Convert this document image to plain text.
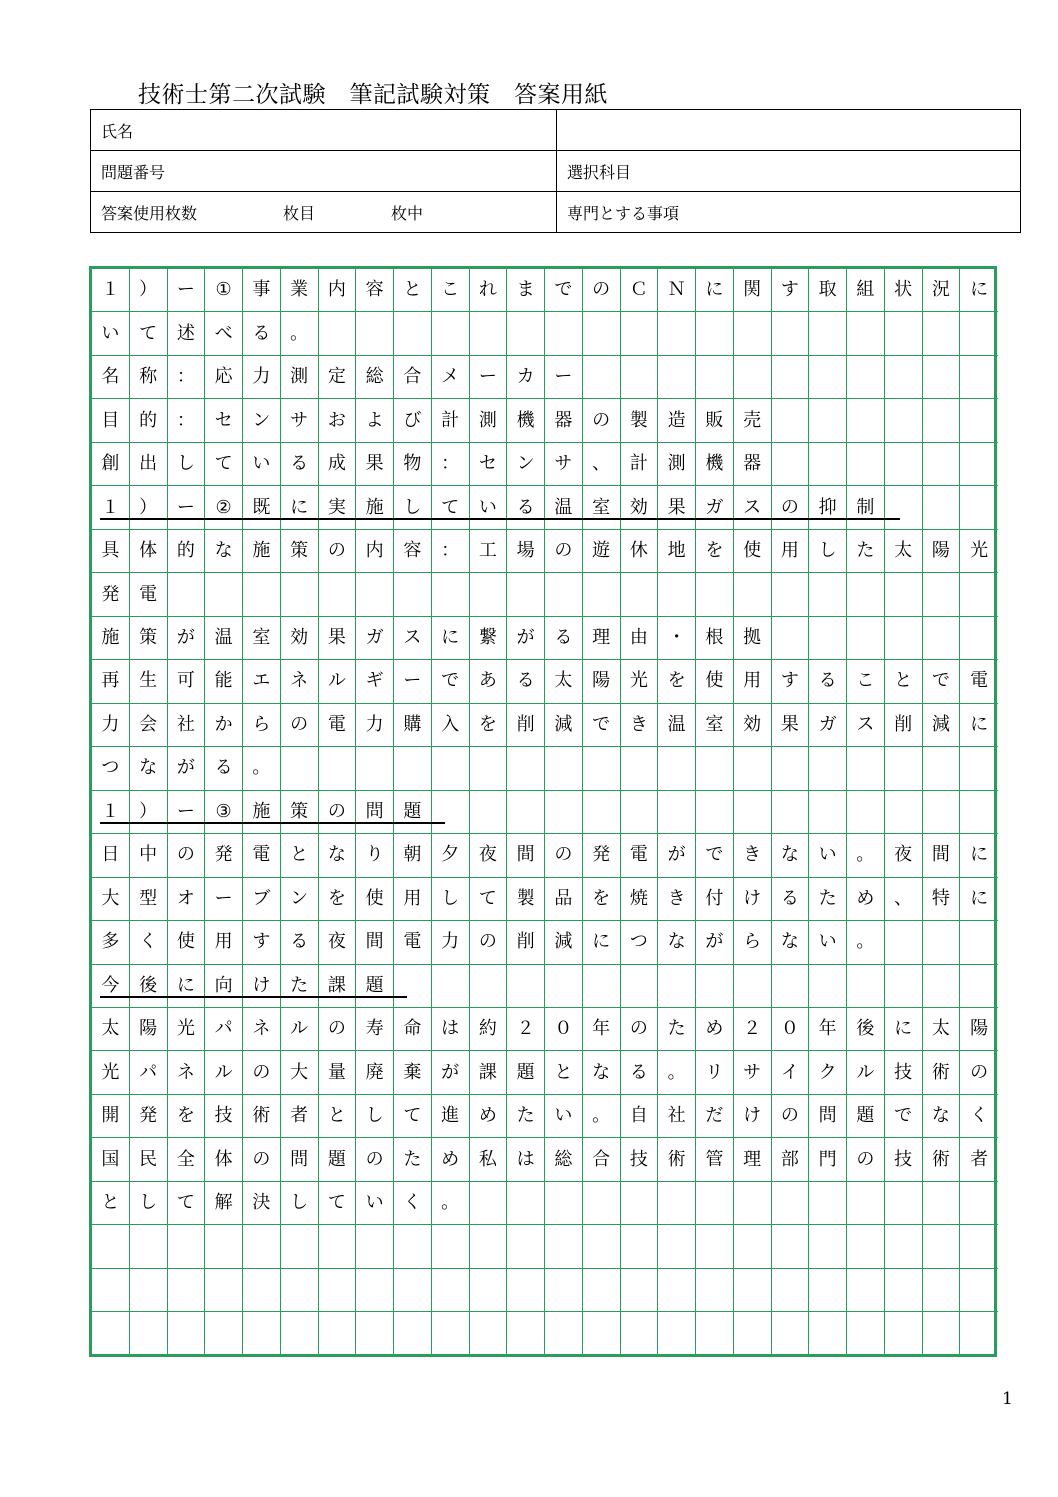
技術士第二次試験　筆記試験対策　答案用紙
氏名	
問題番号	選択科目
答案使用枚数 枚目 枚中	専門とする事項
１	）	ー	①	事	業	内	容	と	こ	れ	ま	で	の	Ｃ	Ｎ	に	関	す	取	組	状	況	に
い	て	述	べ	る	。
名	称	：	応	力	測	定	総	合	メ	ー	カ	ー
目	的	：	セ	ン	サ	お	よ	び	計	測	機	器	の	製	造	販	売
創	出	し	て	い	る	成	果	物	：	セ	ン	サ	、	計	測	機	器
１	）	ー	②	既	に	実	施	し	て	い	る	温	室	効	果	ガ	ス	の	抑	制
具	体	的	な	施	策	の	内	容	：	工	場	の	遊	休	地	を	使	用	し	た	太	陽	光
発	電
施	策	が	温	室	効	果	ガ	ス	に	繋	が	る	理	由	・	根	拠
再	生	可	能	エ	ネ	ル	ギ	ー	で	あ	る	太	陽	光	を	使	用	す	る	こ	と	で	電
力	会	社	か	ら	の	電	力	購	入	を	削	減	で	き	温	室	効	果	ガ	ス	削	減	に
つ	な	が	る	。
１	）	ー	③	施	策	の	問	題
日	中	の	発	電	と	な	り	朝	夕	夜	間	の	発	電	が	で	き	な	い	。	夜	間	に
大	型	オ	ー	ブ	ン	を	使	用	し	て	製	品	を	焼	き	付	け	る	た	め	、	特	に
多	く	使	用	す	る	夜	間	電	力	の	削	減	に	つ	な	が	ら	な	い	。
今	後	に	向	け	た	課	題
太	陽	光	パ	ネ	ル	の	寿	命	は	約	２	０	年	の	た	め	２	０	年	後	に	太	陽
光	パ	ネ	ル	の	大	量	廃	棄	が	課	題	と	な	る	。	リ	サ	イ	ク	ル	技	術	の
開	発	を	技	術	者	と	し	て	進	め	た	い	。	自	社	だ	け	の	問	題	で	な	く
国	民	全	体	の	問	題	の	た	め	私	は	総	合	技	術	管	理	部	門	の	技	術	者
と	し	て	解	決	し	て	い	く	。
1
